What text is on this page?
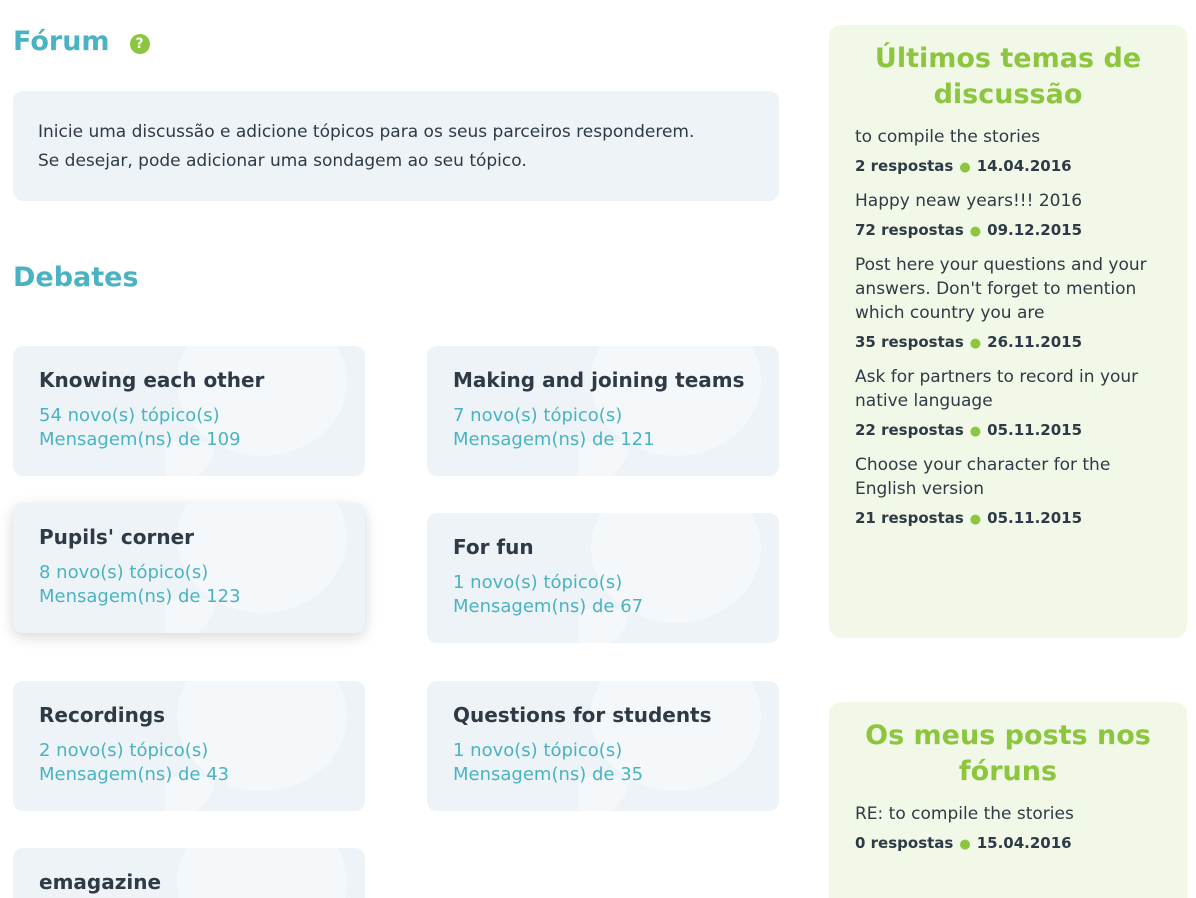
Fórum	?

Inicie uma discussão e adicione tópicos para os seus parceiros responderem.

Se desejar, pode adicionar uma sondagem ao seu tópico.

Debates
Knowing each other
54 novo(s) tópico(s)
Mensagem(ns) de 109
Making and joining teams
7 novo(s) tópico(s)
Mensagem(ns) de 121
Pupils' corner
8 novo(s) tópico(s)
Mensagem(ns) de 123
For fun
1 novo(s) tópico(s)
Mensagem(ns) de 67
Recordings
2 novo(s) tópico(s)
Mensagem(ns) de 43
Questions for students
1 novo(s) tópico(s)
Mensagem(ns) de 35
emagazine
Últimos temas de discussão
to compile the stories
2 respostas ● 14.04.2016
Happy neaw years!!! 2016
72 respostas ● 09.12.2015
Post here your questions and your answers. Don't forget to mention which country you are
35 respostas ● 26.11.2015
Ask for partners to record in your native language
22 respostas ● 05.11.2015
Choose your character for the English version
21 respostas ● 05.11.2015
Os meus posts nos fóruns
RE: to compile the stories
0 respostas ● 15.04.2016
